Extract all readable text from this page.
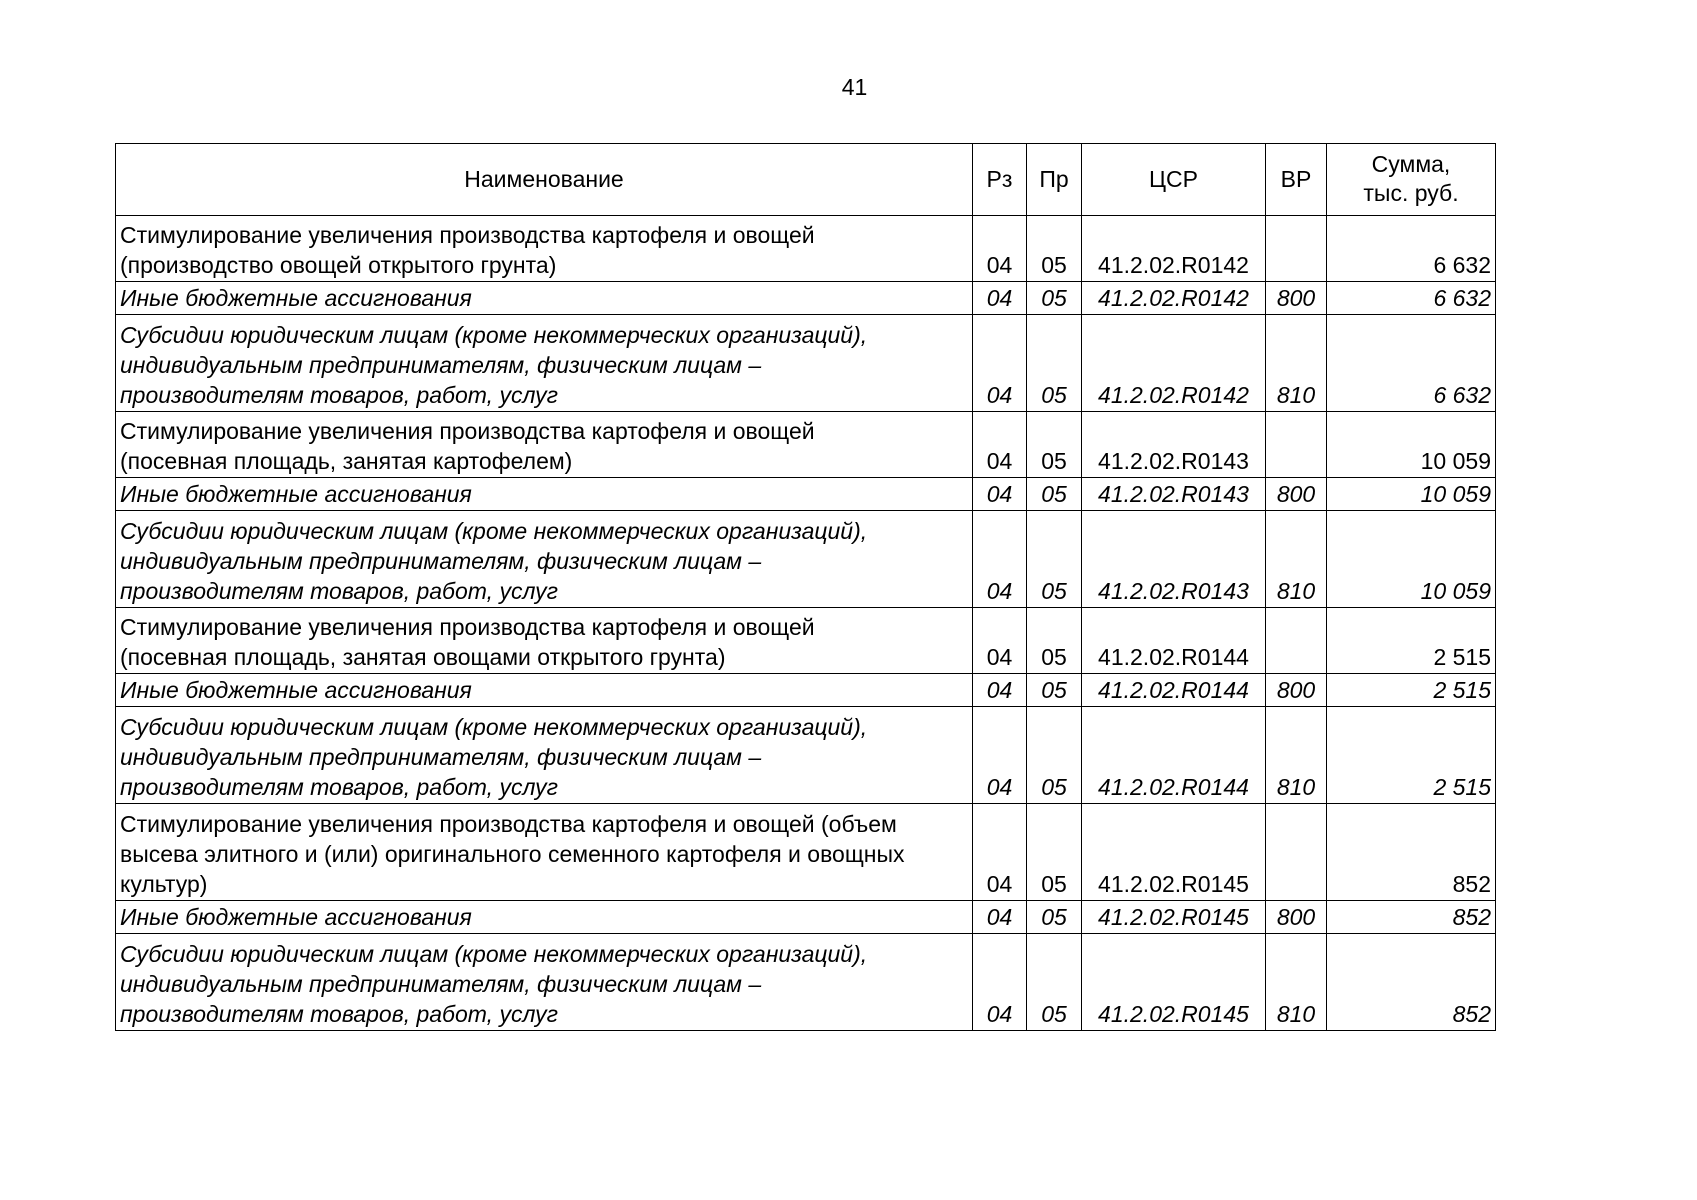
41
Наименование	Рз	Пр	ЦСР	ВР	Сумма,
тыс. руб.

Стимулирование увеличения производства картофеля и овощей
(производство овощей открытого грунта)	04	05	41.2.02.R0142		6 632

Иные бюджетные ассигнования	04	05	41.2.02.R0142	800	6 632

Субсидии юридическим лицам (кроме некоммерческих организаций),
индивидуальным предпринимателям, физическим лицам –
производителям товаров, работ, услуг	04	05	41.2.02.R0142	810	6 632

Стимулирование увеличения производства картофеля и овощей
(посевная площадь, занятая картофелем)	04	05	41.2.02.R0143		10 059

Иные бюджетные ассигнования	04	05	41.2.02.R0143	800	10 059

Субсидии юридическим лицам (кроме некоммерческих организаций),
индивидуальным предпринимателям, физическим лицам –
производителям товаров, работ, услуг	04	05	41.2.02.R0143	810	10 059

Стимулирование увеличения производства картофеля и овощей
(посевная площадь, занятая овощами открытого грунта)	04	05	41.2.02.R0144		2 515

Иные бюджетные ассигнования	04	05	41.2.02.R0144	800	2 515

Субсидии юридическим лицам (кроме некоммерческих организаций),
индивидуальным предпринимателям, физическим лицам –
производителям товаров, работ, услуг	04	05	41.2.02.R0144	810	2 515

Стимулирование увеличения производства картофеля и овощей (объем
высева элитного и (или) оригинального семенного картофеля и овощных
культур)	04	05	41.2.02.R0145		852

Иные бюджетные ассигнования	04	05	41.2.02.R0145	800	852

Субсидии юридическим лицам (кроме некоммерческих организаций),
индивидуальным предпринимателям, физическим лицам –
производителям товаров, работ, услуг	04	05	41.2.02.R0145	810	852
